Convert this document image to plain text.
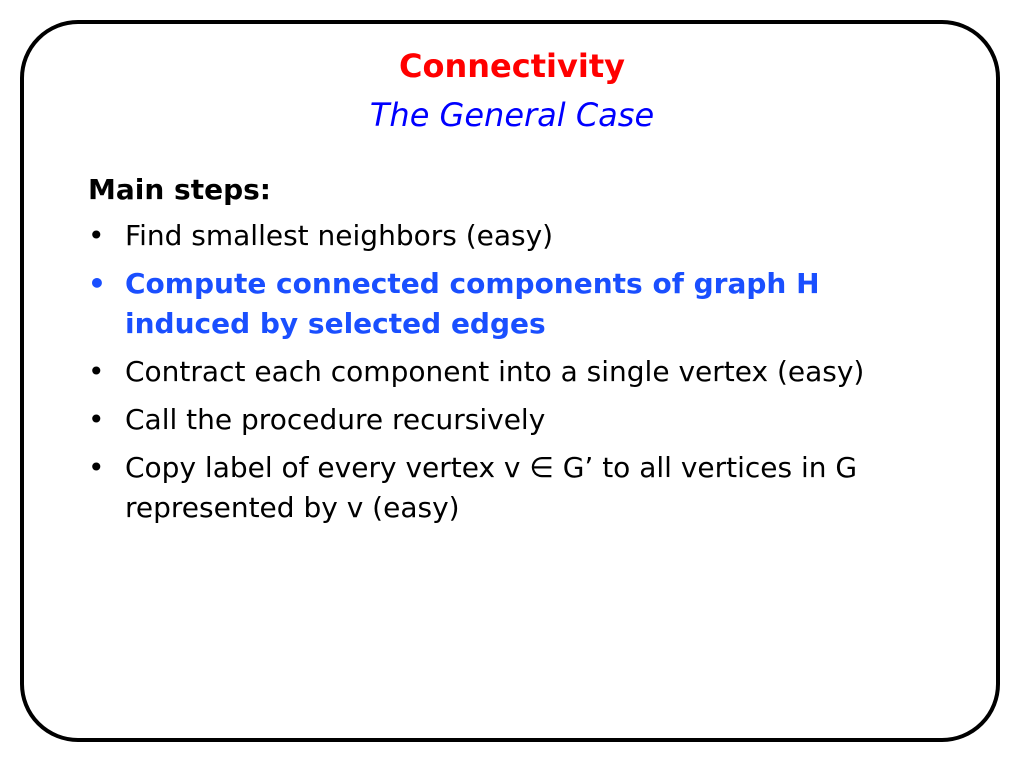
Connectivity
The General Case
Main steps:
• Find smallest neighbors (easy)
• Compute connected components of graph H induced by selected edges
• Contract each component into a single vertex (easy)
• Call the procedure recursively
• Copy label of every vertex v ∈ G’ to all vertices in G represented by v (easy)
